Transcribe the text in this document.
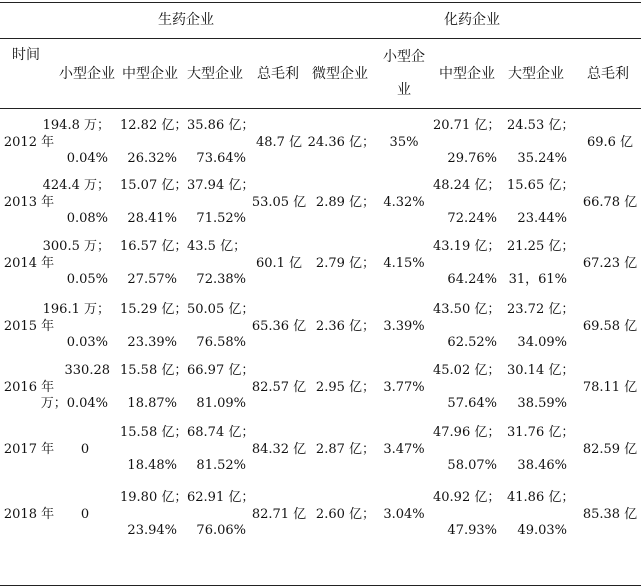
生药企业	化药企业
时间
小型企业 中型企业 大型企业 总毛利 微型企业
小型企
业
中型企业 大型企业 总毛利
2012 年
194.8 万；
0.04%
12.82 亿；
26.32%
35.86 亿；
73.64%
48.7 亿 24.36 亿； 35%
20.71 亿；
29.76%
24.53 亿；
35.24%
69.6 亿
2013 年
424.4 万；
0.08%
15.07 亿；
28.41%
37.94 亿；
71.52%
53.05 亿 2.89 亿； 4.32%
48.24 亿；
72.24%
15.65 亿；
23.44%
66.78 亿
2014 年
300.5 万；
0.05%
16.57 亿；
27.57%
43.5 亿；
72.38%
60.1 亿 2.79 亿； 4.15%
43.19 亿；
64.24%
21.25 亿；
31，61%
67.23 亿
2015 年
196.1 万；
0.03%
15.29 亿；
23.39%
50.05 亿；
76.58%
65.36 亿 2.36 亿； 3.39%
43.50 亿；
62.52%
23.72 亿；
34.09%
69.58 亿
2016 年
330.28
万；0.04%
15.58 亿；
18.87%
66.97 亿；
81.09%
82.57 亿 2.95 亿； 3.77%
45.02 亿；
57.64%
30.14 亿；
38.59%
78.11 亿
2017 年 0
15.58 亿；
18.48%
68.74 亿；
81.52%
84.32 亿 2.87 亿； 3.47%
47.96 亿；
58.07%
31.76 亿；
38.46%
82.59 亿
2018 年 0
19.80 亿；
23.94%
62.91 亿；
76.06%
82.71 亿 2.60 亿； 3.04%
40.92 亿；
47.93%
41.86 亿；
49.03%
85.38 亿
